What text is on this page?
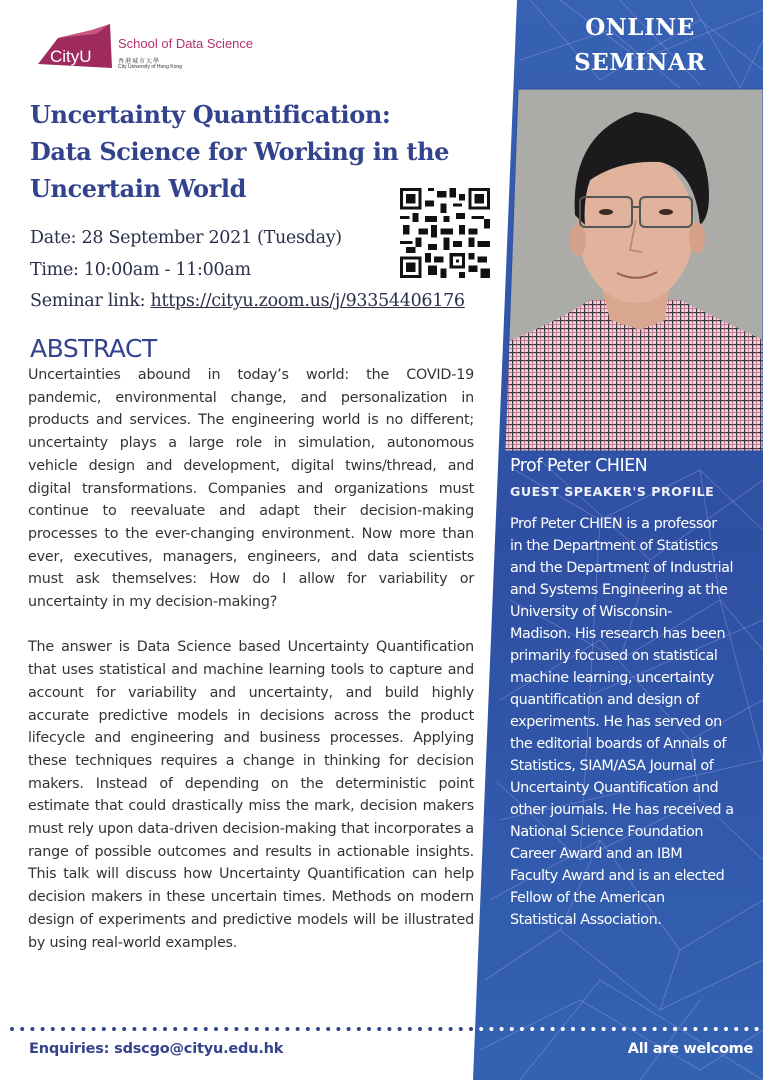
CityU
School of Data Science
香港城市大學
City University of Hong Kong
Uncertainty Quantification:
Data Science for Working in the
Uncertain World
Date: 28 September 2021 (Tuesday)
Time: 10:00am - 11:00am
Seminar link: https://cityu.zoom.us/j/93354406176
ABSTRACT

Uncertainties abound in today’s world: the COVID-19 pandemic, environmental change, and personalization in products and services. The engineering world is no different; uncertainty plays a large role in simulation, autonomous vehicle design and development, digital twins/thread, and digital transformations. Companies and organizations must continue to reevaluate and adapt their decision-making processes to the ever-changing environment. Now more than ever, executives, managers, engineers, and data scientists must ask themselves: How do I allow for variability or uncertainty in my decision-making?

The answer is Data Science based Uncertainty Quantification that uses statistical and machine learning tools to capture and account for variability and uncertainty, and build highly accurate predictive models in decisions across the product lifecycle and engineering and business processes. Applying these techniques requires a change in thinking for decision makers. Instead of depending on the deterministic point estimate that could drastically miss the mark, decision makers must rely upon data-driven decision-making that incorporates a range of possible outcomes and results in actionable insights. This talk will discuss how Uncertainty Quantification can help decision makers in these uncertain times. Methods on modern design of experiments and predictive models will be illustrated by using real-world examples.

ONLINE
SEMINAR
Prof Peter CHIEN
GUEST SPEAKER'S PROFILE
Prof Peter CHIEN is a professor
in the Department of Statistics
and the Department of Industrial
and Systems Engineering at the
University of Wisconsin-
Madison. His research has been
primarily focused on statistical
machine learning, uncertainty
quantification and design of
experiments. He has served on
the editorial boards of Annals of
Statistics, SIAM/ASA Journal of
Uncertainty Quantification and
other journals. He has received a
National Science Foundation
Career Award and an IBM
Faculty Award and is an elected
Fellow of the American
Statistical Association.
Enquiries: sdscgo@cityu.edu.hk	All are welcome
